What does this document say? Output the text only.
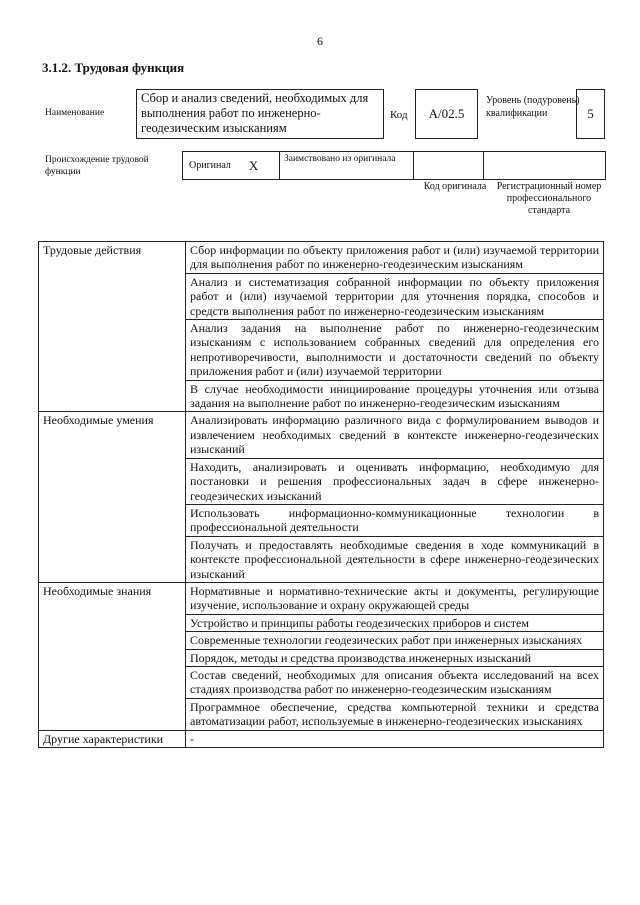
6
3.1.2. Трудовая функция
Наименование
Сбор и анализ сведений, необходимых для выполнения работ по инженерно-геодезическим изысканиям
Код	А/02.5
Уровень (подуровень) квалификации	5
Происхождение трудовой функции
Оригинал X	Заимствовано из оригинала
Код оригинала	Регистрационный номер профессионального стандарта
Трудовые действия	Сбор информации по объекту приложения работ и (или) изучаемой территории для выполнения работ по инженерно-геодезическим изысканиям
	Анализ и систематизация собранной информации по объекту приложения работ и (или) изучаемой территории для уточнения порядка, способов и средств выполнения работ по инженерно-геодезическим изысканиям
	Анализ задания на выполнение работ по инженерно-геодезическим изысканиям с использованием собранных сведений для определения его непротиворечивости, выполнимости и достаточности сведений по объекту приложения работ и (или) изучаемой территории
	В случае необходимости инициирование процедуры уточнения или отзыва задания на выполнение работ по инженерно-геодезическим изысканиям
Необходимые умения	Анализировать информацию различного вида с формулированием выводов и извлечением необходимых сведений в контексте инженерно-геодезических изысканий
	Находить, анализировать и оценивать информацию, необходимую для постановки и решения профессиональных задач в сфере инженерно-геодезических изысканий
	Использовать информационно-коммуникационные технологии в профессиональной деятельности
	Получать и предоставлять необходимые сведения в ходе коммуникаций в контексте профессиональной деятельности в сфере инженерно-геодезических изысканий
Необходимые знания	Нормативные и нормативно-технические акты и документы, регулирующие изучение, использование и охрану окружающей среды
	Устройство и принципы работы геодезических приборов и систем
	Современные технологии геодезических работ при инженерных изысканиях
	Порядок, методы и средства производства инженерных изысканий
	Состав сведений, необходимых для описания объекта исследований на всех стадиях производства работ по инженерно-геодезическим изысканиям
	Программное обеспечение, средства компьютерной техники и средства автоматизации работ, используемые в инженерно-геодезических изысканиях
Другие характеристики	-
